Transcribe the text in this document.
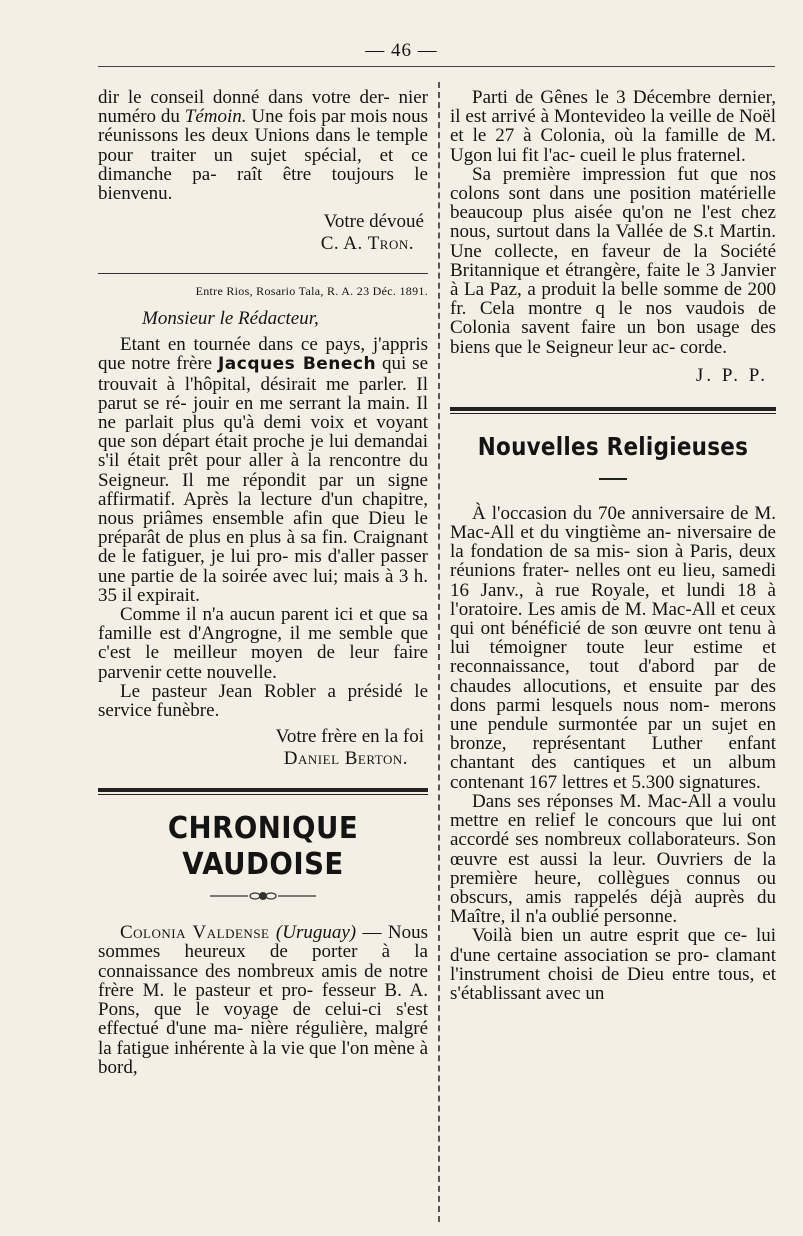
— 46 —

dir le conseil donné dans votre der- nier numéro du Témoin. Une fois par mois nous réunissons les deux Unions dans le temple pour traiter un sujet spécial, et ce dimanche pa- raît être toujours le bienvenu.

Votre dévoué
C. A. Tron.
Entre Rios, Rosario Tala, R. A. 23 Déc. 1891.
Monsieur le Rédacteur,

Etant en tournée dans ce pays, j'appris que notre frère Jacques Benech qui se trouvait à l'hôpital, désirait me parler. Il parut se ré- jouir en me serrant la main. Il ne parlait plus qu'à demi voix et voyant que son départ était proche je lui demandai s'il était prêt pour aller à la rencontre du Seigneur. Il me répondit par un signe affirmatif. Après la lecture d'un chapitre, nous priâmes ensemble afin que Dieu le préparât de plus en plus à sa fin. Craignant de le fatiguer, je lui pro- mis d'aller passer une partie de la soirée avec lui; mais à 3 h. 35 il expirait.

Comme il n'a aucun parent ici et que sa famille est d'Angrogne, il me semble que c'est le meilleur moyen de leur faire parvenir cette nouvelle.

Le pasteur Jean Robler a présidé le service funèbre.

Votre frère en la foi
Daniel Berton.
CHRONIQUE VAUDOISE

Colonia Valdense (Uruguay) — Nous sommes heureux de porter à la connaissance des nombreux amis de notre frère M. le pasteur et pro- fesseur B. A. Pons, que le voyage de celui-ci s'est effectué d'une ma- nière régulière, malgré la fatigue inhérente à la vie que l'on mène à bord,

Parti de Gênes le 3 Décembre dernier, il est arrivé à Montevideo la veille de Noël et le 27 à Colonia, où la famille de M. Ugon lui fit l'ac- cueil le plus fraternel.

Sa première impression fut que nos colons sont dans une position matérielle beaucoup plus aisée qu'on ne l'est chez nous, surtout dans la Vallée de S.t Martin. Une collecte, en faveur de la Société Britannique et étrangère, faite le 3 Janvier à La Paz, a produit la belle somme de 200 fr. Cela montre q le nos vaudois de Colonia savent faire un bon usage des biens que le Seigneur leur ac- corde.

J. P. P.
Nouvelles Religieuses

À l'occasion du 70e anniversaire de M. Mac-All et du vingtième an- niversaire de la fondation de sa mis- sion à Paris, deux réunions frater- nelles ont eu lieu, samedi 16 Janv., à rue Royale, et lundi 18 à l'oratoire. Les amis de M. Mac-All et ceux qui ont bénéficié de son œuvre ont tenu à lui témoigner toute leur estime et reconnaissance, tout d'abord par de chaudes allocutions, et ensuite par des dons parmi lesquels nous nom- merons une pendule surmontée par un sujet en bronze, représentant Luther enfant chantant des cantiques et un album contenant 167 lettres et 5.300 signatures.

Dans ses réponses M. Mac-All a voulu mettre en relief le concours que lui ont accordé ses nombreux collaborateurs. Son œuvre est aussi la leur. Ouvriers de la première heure, collègues connus ou obscurs, amis rappelés déjà auprès du Maître, il n'a oublié personne.

Voilà bien un autre esprit que ce- lui d'une certaine association se pro- clamant l'instrument choisi de Dieu entre tous, et s'établissant avec un
